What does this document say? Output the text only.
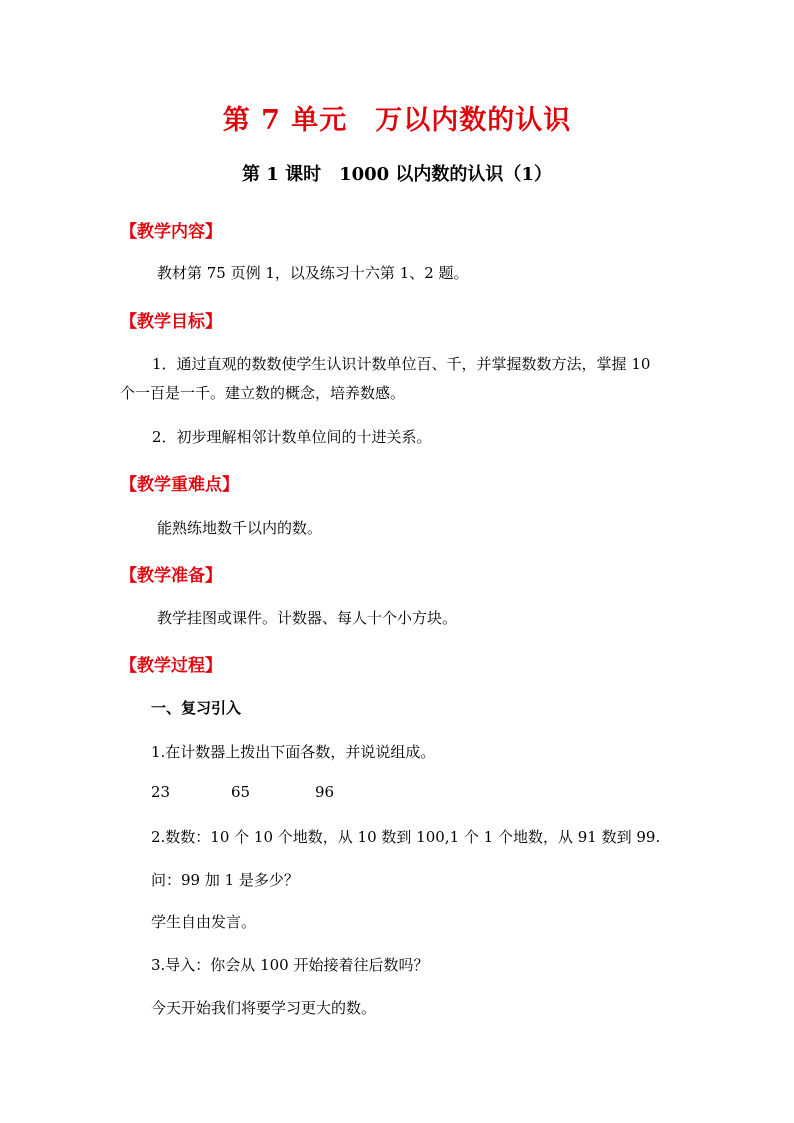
第 7 单元　万以内数的认识
第 1 课时　1000 以内数的认识（1）
【教学内容】
教材第 75 页例 1，以及练习十六第 1、2 题。
【教学目标】
1．通过直观的数数使学生认识计数单位百、千，并掌握数数方法，掌握 10
个一百是一千。建立数的概念，培养数感。
2．初步理解相邻计数单位间的十进关系。
【教学重难点】
能熟练地数千以内的数。
【教学准备】
教学挂图或课件。计数器、每人十个小方块。
【教学过程】
一、复习引入
1.在计数器上拨出下面各数，并说说组成。
23	65	96
2.数数：10 个 10 个地数，从 10 数到 100,1 个 1 个地数，从 91 数到 99.
问：99 加 1 是多少？
学生自由发言。
3.导入：你会从 100 开始接着往后数吗？
今天开始我们将要学习更大的数。
